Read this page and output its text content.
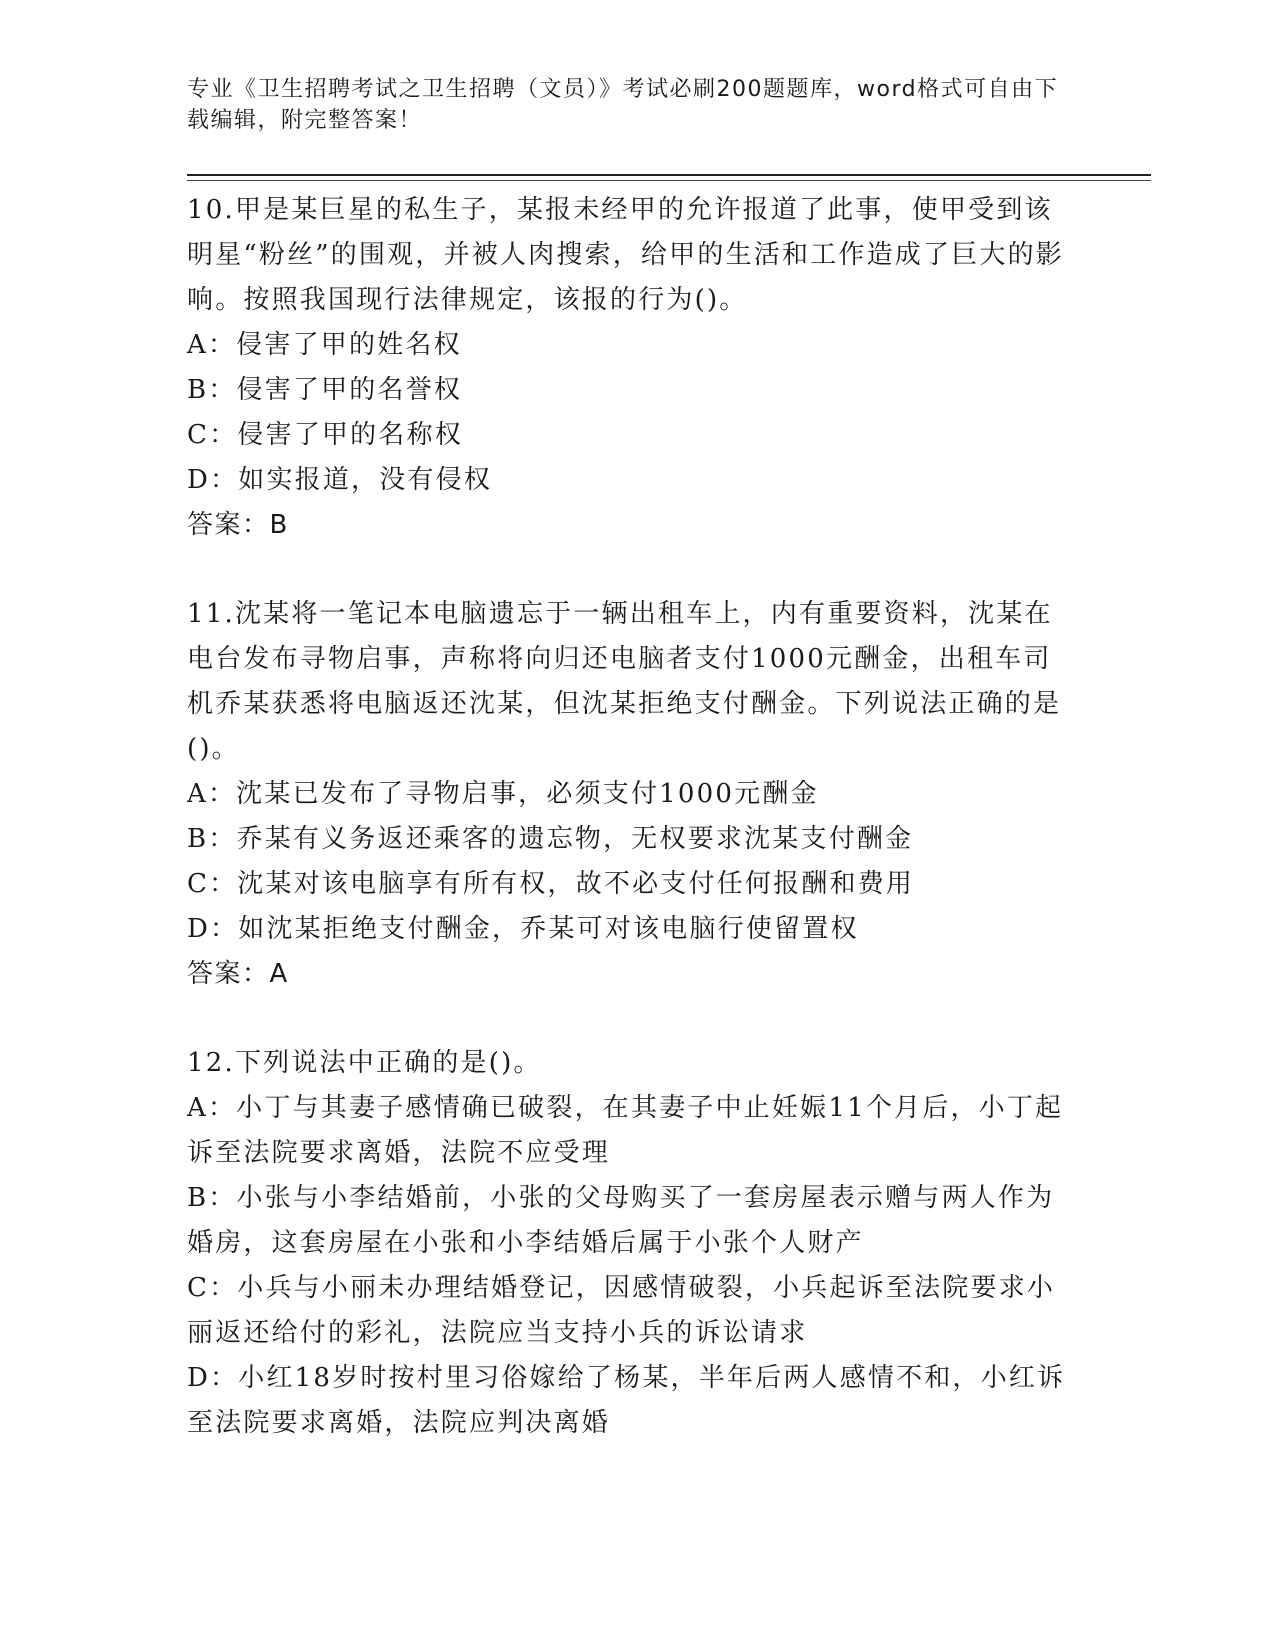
专业《卫生招聘考试之卫生招聘（文员）》考试必刷200题题库，word格式可自由下载编辑，附完整答案！

10.甲是某巨星的私生子，某报未经甲的允许报道了此事，使甲受到该明星“粉丝”的围观，并被人肉搜索，给甲的生活和工作造成了巨大的影响。按照我国现行法律规定，该报的行为()。

A：侵害了甲的姓名权

B：侵害了甲的名誉权

C：侵害了甲的名称权

D：如实报道，没有侵权

答案：B

11.沈某将一笔记本电脑遗忘于一辆出租车上，内有重要资料，沈某在电台发布寻物启事，声称将向归还电脑者支付1000元酬金，出租车司机乔某获悉将电脑返还沈某，但沈某拒绝支付酬金。下列说法正确的是()。

A：沈某已发布了寻物启事，必须支付1000元酬金

B：乔某有义务返还乘客的遗忘物，无权要求沈某支付酬金

C：沈某对该电脑享有所有权，故不必支付任何报酬和费用

D：如沈某拒绝支付酬金，乔某可对该电脑行使留置权

答案：A

12.下列说法中正确的是()。

A：小丁与其妻子感情确已破裂，在其妻子中止妊娠11个月后，小丁起诉至法院要求离婚，法院不应受理

B：小张与小李结婚前，小张的父母购买了一套房屋表示赠与两人作为婚房，这套房屋在小张和小李结婚后属于小张个人财产

C：小兵与小丽未办理结婚登记，因感情破裂，小兵起诉至法院要求小丽返还给付的彩礼，法院应当支持小兵的诉讼请求

D：小红18岁时按村里习俗嫁给了杨某，半年后两人感情不和，小红诉至法院要求离婚，法院应判决离婚
